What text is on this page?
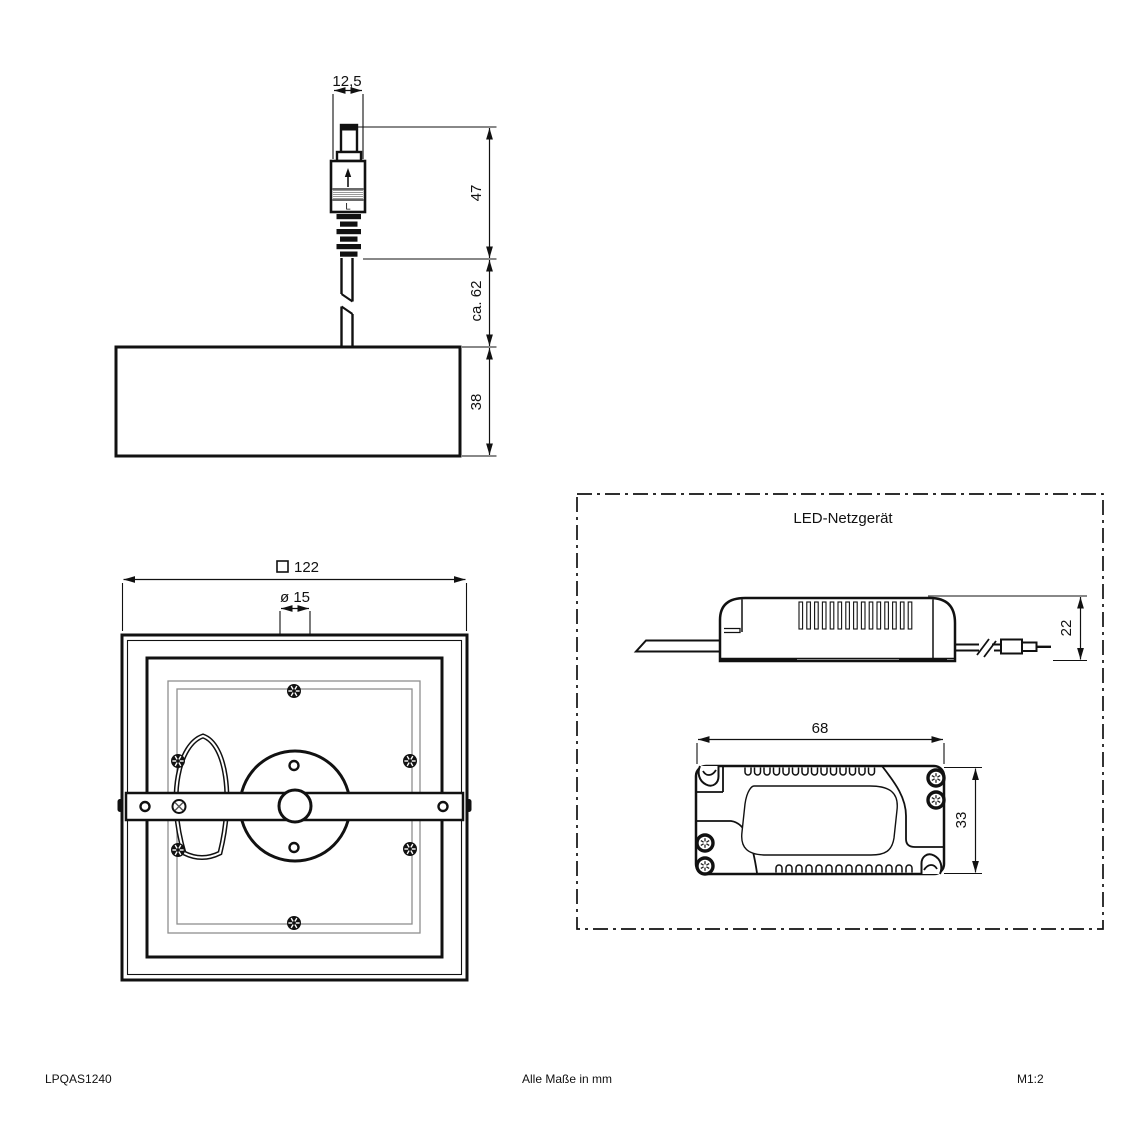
12,5
L
47
ca. 62
38
122
ø 15
LED-Netzgerät
22
68
33
LPQAS1240	Alle Maße in mm	M1:2
